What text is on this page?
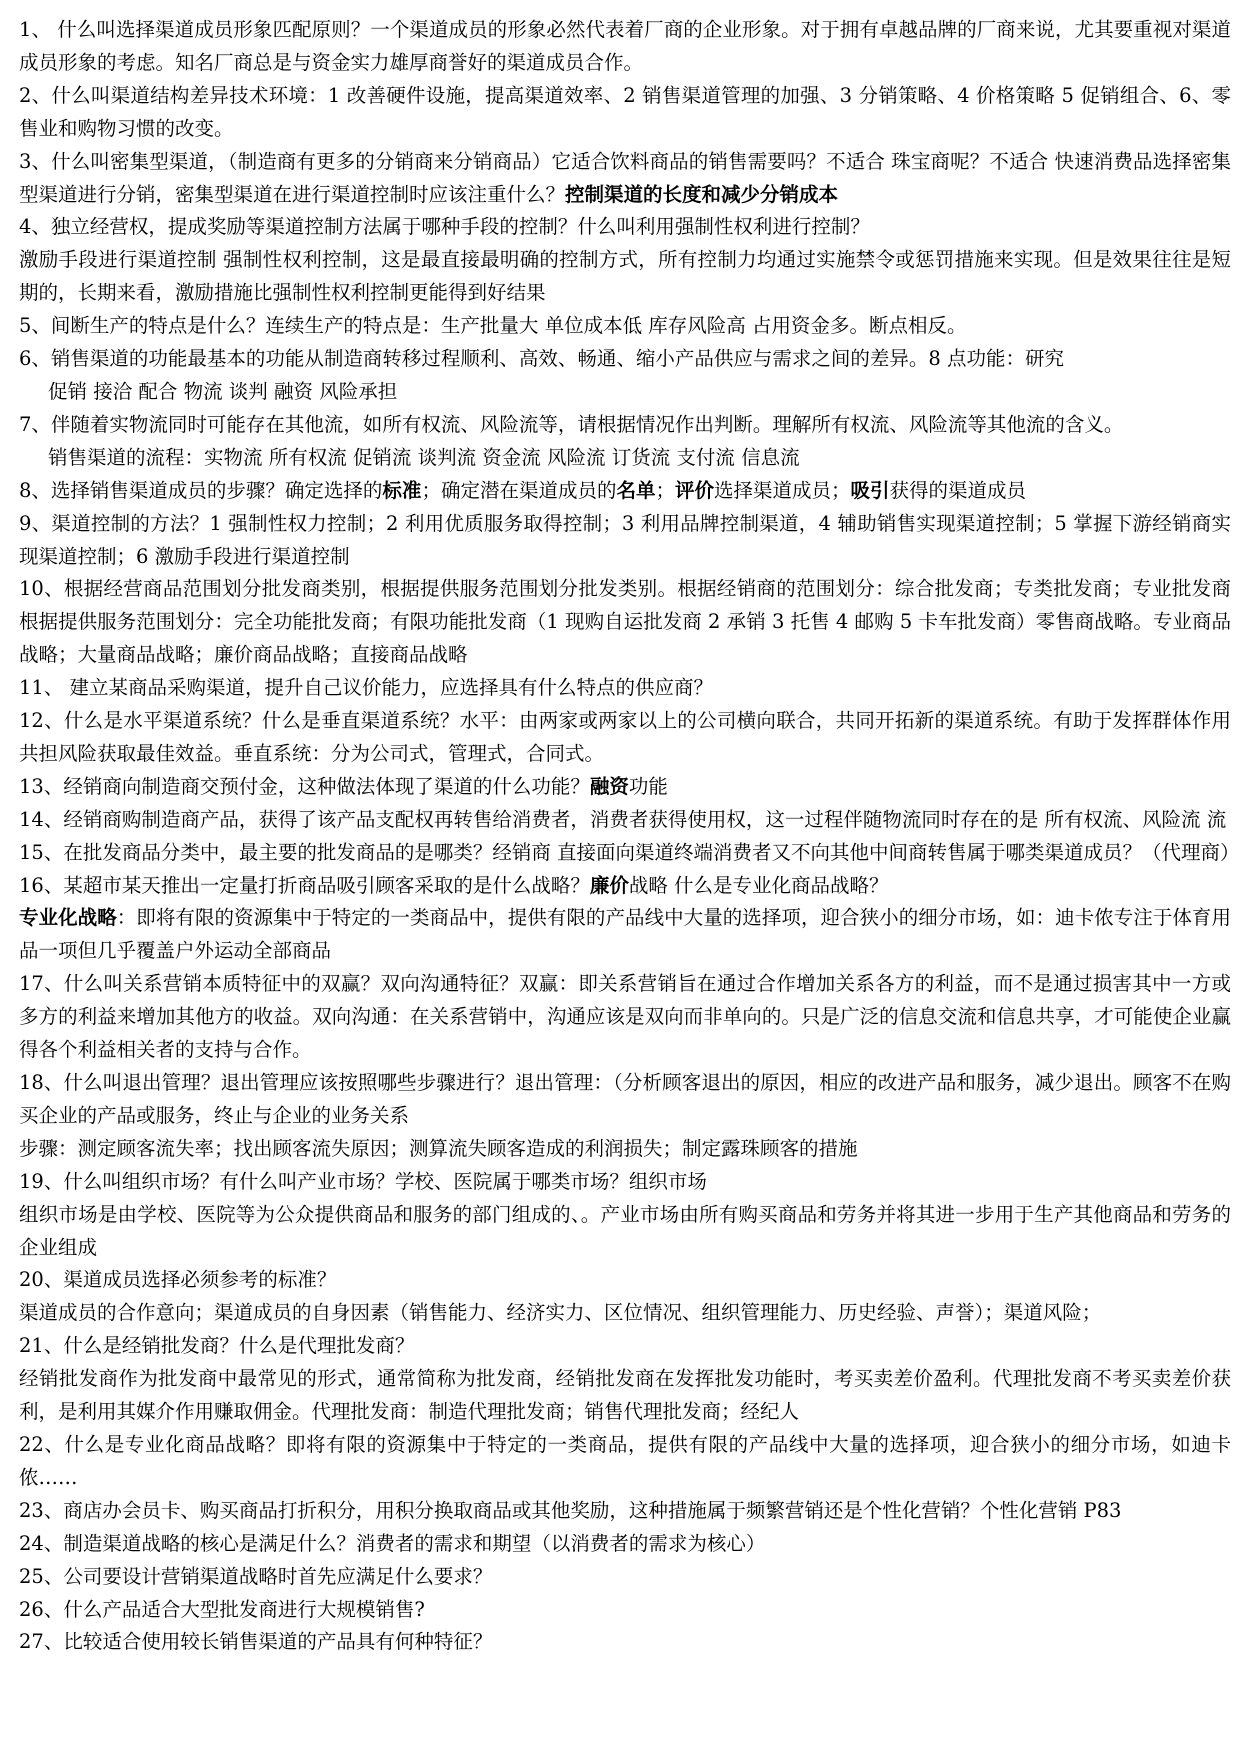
1、 什么叫选择渠道成员形象匹配原则？一个渠道成员的形象必然代表着厂商的企业形象。对于拥有卓越品牌的厂商来说，尤其要重视对渠道成员形象的考虑。知名厂商总是与资金实力雄厚商誉好的渠道成员合作。

2、什么叫渠道结构差异技术环境：1 改善硬件设施，提高渠道效率、2 销售渠道管理的加强、3 分销策略、4 价格策略 5 促销组合、6、零售业和购物习惯的改变。

3、什么叫密集型渠道，（制造商有更多的分销商来分销商品）它适合饮料商品的销售需要吗？不适合 珠宝商呢？不适合 快速消费品选择密集型渠道进行分销，密集型渠道在进行渠道控制时应该注重什么？控制渠道的长度和减少分销成本

4、独立经营权，提成奖励等渠道控制方法属于哪种手段的控制？什么叫利用强制性权利进行控制？

激励手段进行渠道控制 强制性权利控制，这是最直接最明确的控制方式，所有控制力均通过实施禁令或惩罚措施来实现。但是效果往往是短期的，长期来看，激励措施比强制性权利控制更能得到好结果

5、间断生产的特点是什么？连续生产的特点是：生产批量大 单位成本低 库存风险高 占用资金多。断点相反。

6、销售渠道的功能最基本的功能从制造商转移过程顺利、高效、畅通、缩小产品供应与需求之间的差异。8 点功能：研究

促销 接洽 配合 物流 谈判 融资 风险承担

7、伴随着实物流同时可能存在其他流，如所有权流、风险流等，请根据情况作出判断。理解所有权流、风险流等其他流的含义。

销售渠道的流程：实物流 所有权流 促销流 谈判流 资金流 风险流 订货流 支付流 信息流

8、选择销售渠道成员的步骤？确定选择的标准；确定潜在渠道成员的名单；评价选择渠道成员；吸引获得的渠道成员

9、渠道控制的方法？1 强制性权力控制；2 利用优质服务取得控制；3 利用品牌控制渠道，4 辅助销售实现渠道控制；5 掌握下游经销商实现渠道控制；6 激励手段进行渠道控制

10、根据经营商品范围划分批发商类别，根据提供服务范围划分批发类别。根据经销商的范围划分：综合批发商；专类批发商；专业批发商根据提供服务范围划分：完全功能批发商；有限功能批发商（1 现购自运批发商 2 承销 3 托售 4 邮购 5 卡车批发商）零售商战略。专业商品战略；大量商品战略；廉价商品战略；直接商品战略

11、 建立某商品采购渠道，提升自己议价能力，应选择具有什么特点的供应商？

12、什么是水平渠道系统？什么是垂直渠道系统？水平：由两家或两家以上的公司横向联合，共同开拓新的渠道系统。有助于发挥群体作用共担风险获取最佳效益。垂直系统：分为公司式，管理式，合同式。

13、经销商向制造商交预付金，这种做法体现了渠道的什么功能？融资功能

14、经销商购制造商产品，获得了该产品支配权再转售给消费者，消费者获得使用权，这一过程伴随物流同时存在的是 所有权流、风险流 流

15、在批发商品分类中，最主要的批发商品的是哪类？经销商 直接面向渠道终端消费者又不向其他中间商转售属于哪类渠道成员？（代理商）

16、某超市某天推出一定量打折商品吸引顾客采取的是什么战略？廉价战略 什么是专业化商品战略？

专业化战略：即将有限的资源集中于特定的一类商品中，提供有限的产品线中大量的选择项，迎合狭小的细分市场，如：迪卡侬专注于体育用品一项但几乎覆盖户外运动全部商品

17、什么叫关系营销本质特征中的双赢？双向沟通特征？双赢：即关系营销旨在通过合作增加关系各方的利益，而不是通过损害其中一方或多方的利益来增加其他方的收益。双向沟通：在关系营销中，沟通应该是双向而非单向的。只是广泛的信息交流和信息共享，才可能使企业赢得各个利益相关者的支持与合作。

18、什么叫退出管理？退出管理应该按照哪些步骤进行？退出管理：（分析顾客退出的原因，相应的改进产品和服务，减少退出。顾客不在购买企业的产品或服务，终止与企业的业务关系

步骤：测定顾客流失率；找出顾客流失原因；测算流失顾客造成的利润损失；制定露珠顾客的措施

19、什么叫组织市场？有什么叫产业市场？学校、医院属于哪类市场？组织市场

组织市场是由学校、医院等为公众提供商品和服务的部门组成的、。产业市场由所有购买商品和劳务并将其进一步用于生产其他商品和劳务的企业组成

20、渠道成员选择必须参考的标准？

渠道成员的合作意向；渠道成员的自身因素（销售能力、经济实力、区位情况、组织管理能力、历史经验、声誉）；渠道风险；

21、什么是经销批发商？什么是代理批发商？

经销批发商作为批发商中最常见的形式，通常简称为批发商，经销批发商在发挥批发功能时，考买卖差价盈利。代理批发商不考买卖差价获利，是利用其媒介作用赚取佣金。代理批发商：制造代理批发商；销售代理批发商；经纪人

22、什么是专业化商品战略？即将有限的资源集中于特定的一类商品，提供有限的产品线中大量的选择项，迎合狭小的细分市场，如迪卡侬……

23、商店办会员卡、购买商品打折积分，用积分换取商品或其他奖励，这种措施属于频繁营销还是个性化营销？个性化营销 P83

24、制造渠道战略的核心是满足什么？消费者的需求和期望（以消费者的需求为核心）

25、公司要设计营销渠道战略时首先应满足什么要求？

26、什么产品适合大型批发商进行大规模销售?

27、比较适合使用较长销售渠道的产品具有何种特征？
